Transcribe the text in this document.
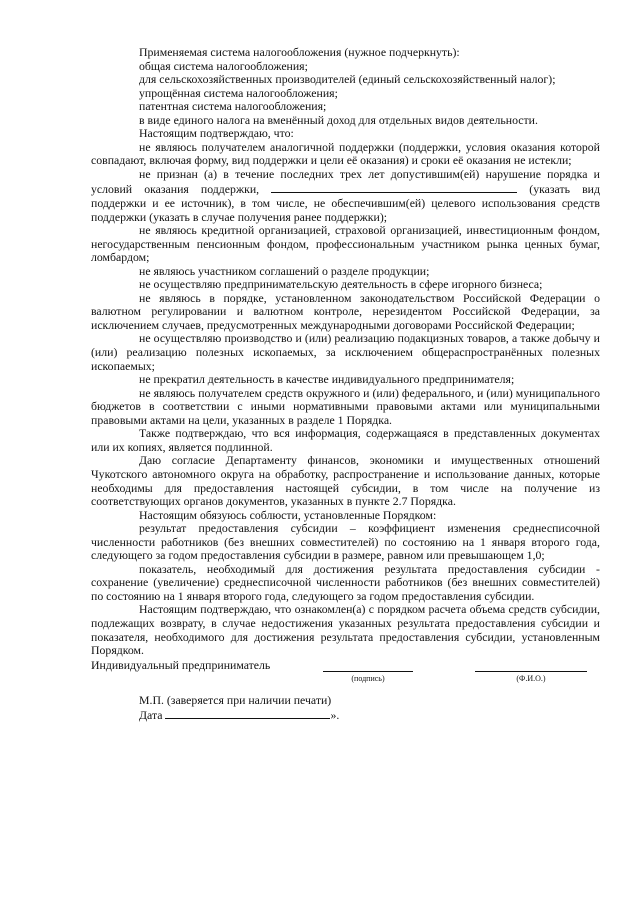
Применяемая система налогообложения (нужное подчеркнуть):

общая система налогообложения;

для сельскохозяйственных производителей (единый сельскохозяйственный налог);

упрощённая система налогообложения;

патентная система налогообложения;

в виде единого налога на вменённый доход для отдельных видов деятельности.

Настоящим подтверждаю, что:

не являюсь получателем аналогичной поддержки (поддержки, условия оказания которой совпадают, включая форму, вид поддержки и цели её оказания) и сроки её оказания не истекли;

не признан (а) в течение последних трех лет допустившим(ей) нарушение порядка и условий оказания поддержки,	(указать вид поддержки и ее источник), в том числе, не обеспечившим(ей) целевого использования средств поддержки (указать в случае получения ранее поддержки);

не являюсь кредитной организацией, страховой организацией, инвестиционным фондом, негосударственным пенсионным фондом, профессиональным участником рынка ценных бумаг, ломбардом;

не являюсь участником соглашений о разделе продукции;

не осуществляю предпринимательскую деятельность в сфере игорного бизнеса;

не являюсь в порядке, установленном законодательством Российской Федерации о валютном регулировании и валютном контроле, нерезидентом Российской Федерации, за исключением случаев, предусмотренных международными договорами Российской Федерации;

не осуществляю производство и (или) реализацию подакцизных товаров, а также добычу и (или) реализацию полезных ископаемых, за исключением общераспространённых полезных ископаемых;

не прекратил деятельность в качестве индивидуального предпринимателя;

не являюсь получателем средств окружного и (или) федерального, и (или) муниципального бюджетов в соответствии с иными нормативными правовыми актами или муниципальными правовыми актами на цели, указанных в разделе 1 Порядка.

Также подтверждаю, что вся информация, содержащаяся в представленных документах или их копиях, является подлинной.

Даю согласие Департаменту финансов, экономики и имущественных отношений Чукотского автономного округа на обработку, распространение и использование данных, которые необходимы для предоставления настоящей субсидии, в том числе на получение из соответствующих органов документов, указанных в пункте 2.7 Порядка.

Настоящим обязуюсь соблюсти, установленные Порядком:

результат предоставления субсидии – коэффициент изменения среднесписочной численности работников (без внешних совместителей) по состоянию на 1 января второго года, следующего за годом предоставления субсидии в размере, равном или превышающем 1,0;

показатель, необходимый для достижения результата предоставления субсидии - сохранение (увеличение) среднесписочной численности работников (без внешних совместителей) по состоянию на 1 января второго года, следующего за годом предоставления субсидии.

Настоящим подтверждаю, что ознакомлен(а) с порядком расчета объема средств субсидии, подлежащих возврату, в случае недостижения указанных результата предоставления субсидии и показателя, необходимого для достижения результата предоставления субсидии, установленным Порядком.

Индивидуальный предприниматель
(подпись)	(Ф.И.О.)
М.П. (заверяется при наличии печати)
Дата	».
